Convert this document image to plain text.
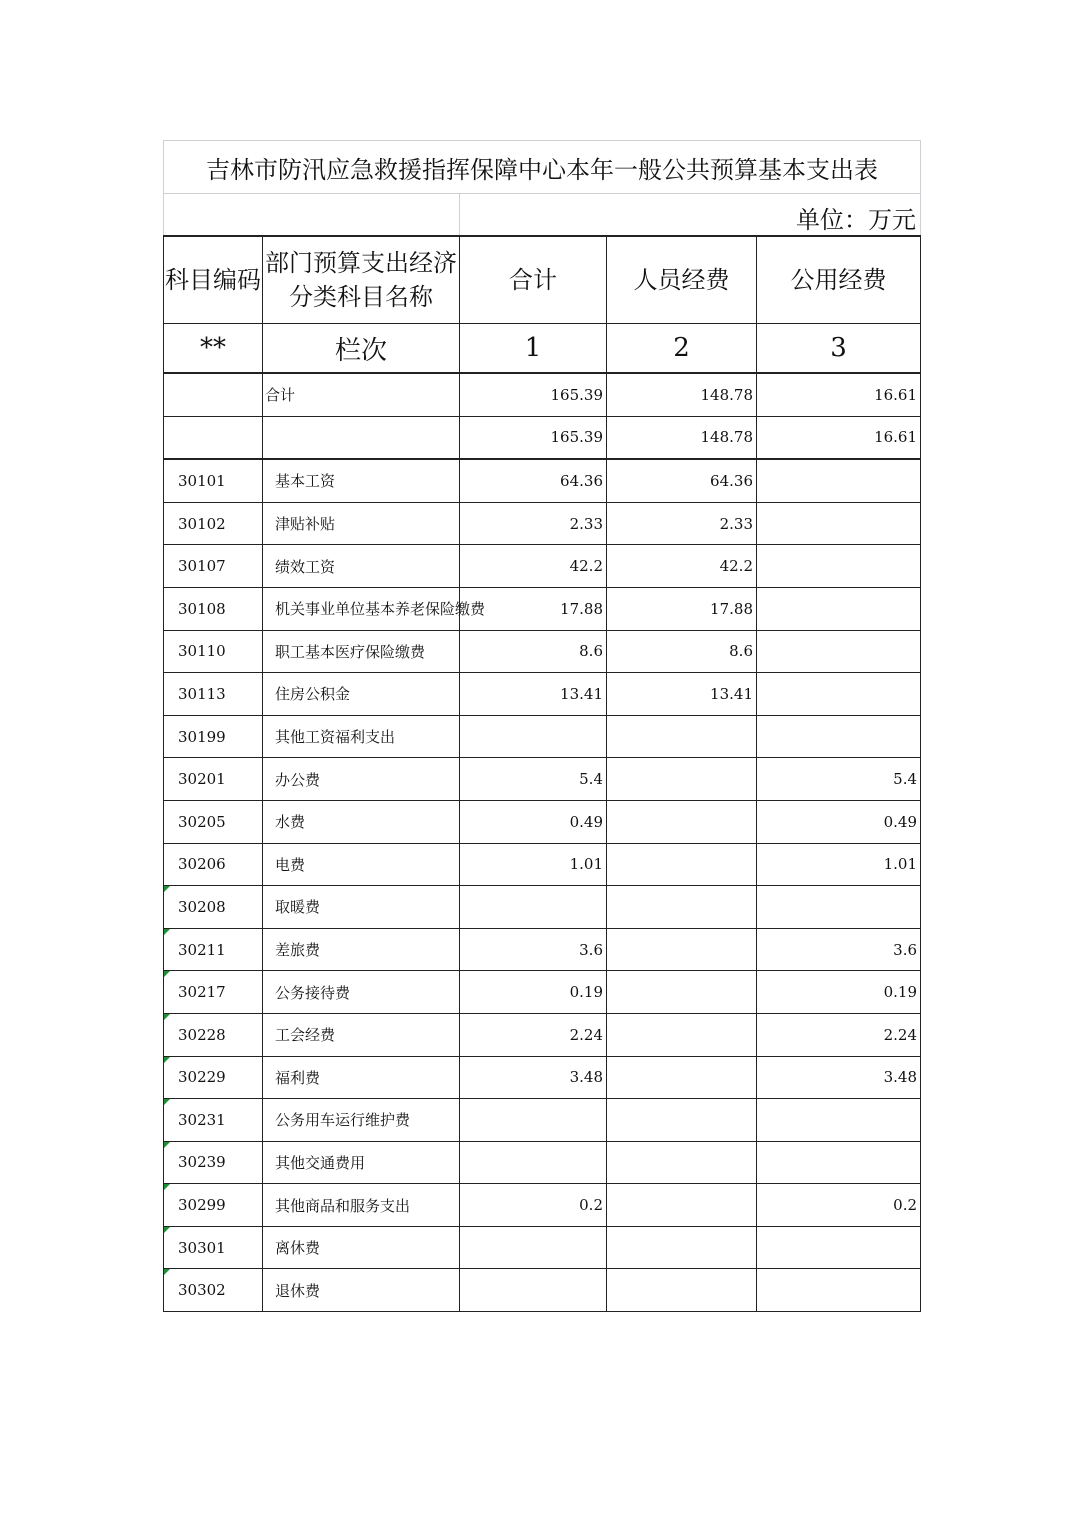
吉林市防汛应急救援指挥保障中心本年一般公共预算基本支出表				
		单位：万元		
科目编码	部门预算支出经济分类科目名称	合计	人员经费	公用经费
**	栏次	1	2	3
	合计	165.39	148.78	16.61
		165.39	148.78	16.61
30101	基本工资	64.36	64.36	
30102	津贴补贴	2.33	2.33	
30107	绩效工资	42.2	42.2	
30108	机关事业单位基本养老保险缴费	17.88	17.88	
30110	职工基本医疗保险缴费	8.6	8.6	
30113	住房公积金	13.41	13.41	
30199	其他工资福利支出			
30201	办公费	5.4		5.4
30205	水费	0.49		0.49
30206	电费	1.01		1.01
30208	取暖费			
30211	差旅费	3.6		3.6
30217	公务接待费	0.19		0.19
30228	工会经费	2.24		2.24
30229	福利费	3.48		3.48
30231	公务用车运行维护费			
30239	其他交通费用			
30299	其他商品和服务支出	0.2		0.2
30301	离休费			
30302	退休费			
